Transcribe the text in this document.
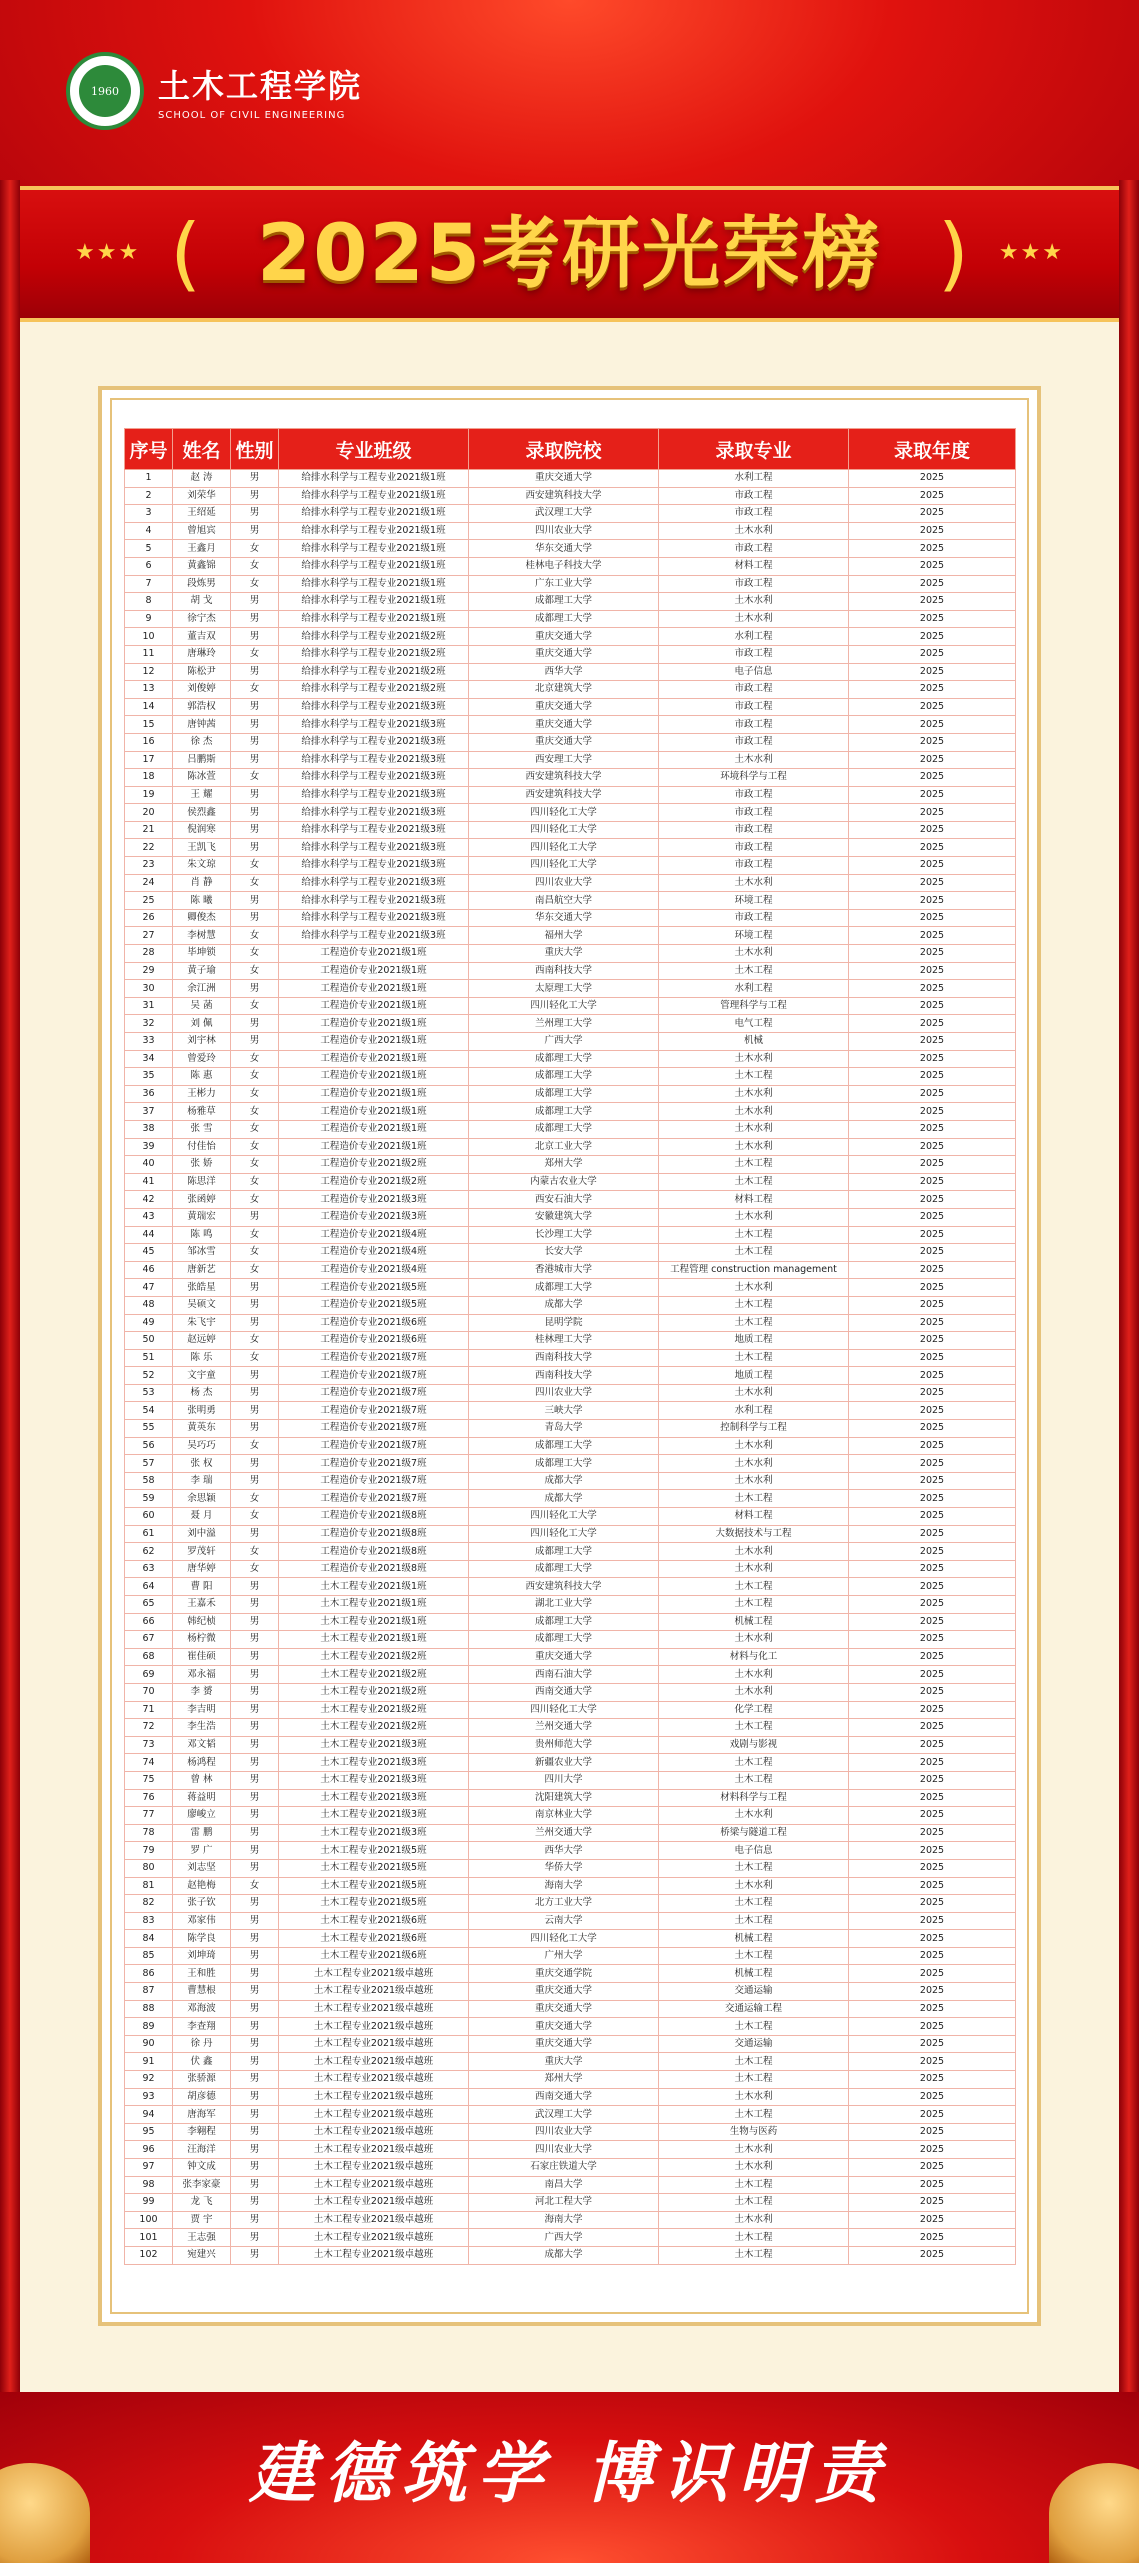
1960	土木工程学院
SCHOOL OF CIVIL ENGINEERING
★★★ ( 2025考研光荣榜 ) ★★★
序号	姓名	性别	专业班级	录取院校	录取专业	录取年度
1	赵 涛	男	给排水科学与工程专业2021级1班	重庆交通大学	水利工程	2025
2	刘荣华	男	给排水科学与工程专业2021级1班	西安建筑科技大学	市政工程	2025
3	王绍延	男	给排水科学与工程专业2021级1班	武汉理工大学	市政工程	2025
4	曾旭宾	男	给排水科学与工程专业2021级1班	四川农业大学	土木水利	2025
5	王鑫月	女	给排水科学与工程专业2021级1班	华东交通大学	市政工程	2025
6	黄鑫锦	女	给排水科学与工程专业2021级1班	桂林电子科技大学	材料工程	2025
7	段炼男	女	给排水科学与工程专业2021级1班	广东工业大学	市政工程	2025
8	胡 戈	男	给排水科学与工程专业2021级1班	成都理工大学	土木水利	2025
9	徐宁杰	男	给排水科学与工程专业2021级1班	成都理工大学	土木水利	2025
10	董吉双	男	给排水科学与工程专业2021级2班	重庆交通大学	水利工程	2025
11	唐琳玲	女	给排水科学与工程专业2021级2班	重庆交通大学	市政工程	2025
12	陈松尹	男	给排水科学与工程专业2021级2班	西华大学	电子信息	2025
13	刘俊婷	女	给排水科学与工程专业2021级2班	北京建筑大学	市政工程	2025
14	郭浩权	男	给排水科学与工程专业2021级3班	重庆交通大学	市政工程	2025
15	唐钟茜	男	给排水科学与工程专业2021级3班	重庆交通大学	市政工程	2025
16	徐 杰	男	给排水科学与工程专业2021级3班	重庆交通大学	市政工程	2025
17	吕鹏斯	男	给排水科学与工程专业2021级3班	西安理工大学	土木水利	2025
18	陈冰萱	女	给排水科学与工程专业2021级3班	西安建筑科技大学	环境科学与工程	2025
19	王 耀	男	给排水科学与工程专业2021级3班	西安建筑科技大学	市政工程	2025
20	侯烈鑫	男	给排水科学与工程专业2021级3班	四川轻化工大学	市政工程	2025
21	倪润寒	男	给排水科学与工程专业2021级3班	四川轻化工大学	市政工程	2025
22	王凯飞	男	给排水科学与工程专业2021级3班	四川轻化工大学	市政工程	2025
23	朱文琼	女	给排水科学与工程专业2021级3班	四川轻化工大学	市政工程	2025
24	肖 静	女	给排水科学与工程专业2021级3班	四川农业大学	土木水利	2025
25	陈 曦	男	给排水科学与工程专业2021级3班	南昌航空大学	环境工程	2025
26	卿俊杰	男	给排水科学与工程专业2021级3班	华东交通大学	市政工程	2025
27	李树慧	女	给排水科学与工程专业2021级3班	福州大学	环境工程	2025
28	毕坤锁	女	工程造价专业2021级1班	重庆大学	土木水利	2025
29	黄子瑜	女	工程造价专业2021级1班	西南科技大学	土木工程	2025
30	余江洲	男	工程造价专业2021级1班	太原理工大学	水利工程	2025
31	吴 菡	女	工程造价专业2021级1班	四川轻化工大学	管理科学与工程	2025
32	刘 佩	男	工程造价专业2021级1班	兰州理工大学	电气工程	2025
33	刘宇林	男	工程造价专业2021级1班	广西大学	机械	2025
34	曾爱玲	女	工程造价专业2021级1班	成都理工大学	土木水利	2025
35	陈 惠	女	工程造价专业2021级1班	成都理工大学	土木工程	2025
36	王彬力	女	工程造价专业2021级1班	成都理工大学	土木水利	2025
37	杨雅草	女	工程造价专业2021级1班	成都理工大学	土木水利	2025
38	张 雪	女	工程造价专业2021级1班	成都理工大学	土木水利	2025
39	付佳怡	女	工程造价专业2021级1班	北京工业大学	土木水利	2025
40	张 娇	女	工程造价专业2021级2班	郑州大学	土木工程	2025
41	陈思洋	女	工程造价专业2021级2班	内蒙古农业大学	土木工程	2025
42	张函婷	女	工程造价专业2021级3班	西安石油大学	材料工程	2025
43	黄瑞宏	男	工程造价专业2021级3班	安徽建筑大学	土木水利	2025
44	陈 鸣	女	工程造价专业2021级4班	长沙理工大学	土木工程	2025
45	邹冰雪	女	工程造价专业2021级4班	长安大学	土木工程	2025
46	唐新艺	女	工程造价专业2021级4班	香港城市大学	工程管理 construction management	2025
47	张皓星	男	工程造价专业2021级5班	成都理工大学	土木水利	2025
48	吴硕文	男	工程造价专业2021级5班	成都大学	土木工程	2025
49	朱飞宇	男	工程造价专业2021级6班	昆明学院	土木工程	2025
50	赵远婷	女	工程造价专业2021级6班	桂林理工大学	地质工程	2025
51	陈 乐	女	工程造价专业2021级7班	西南科技大学	土木工程	2025
52	文宇童	男	工程造价专业2021级7班	西南科技大学	地质工程	2025
53	杨 杰	男	工程造价专业2021级7班	四川农业大学	土木水利	2025
54	张明勇	男	工程造价专业2021级7班	三峡大学	水利工程	2025
55	黄英东	男	工程造价专业2021级7班	青岛大学	控制科学与工程	2025
56	吴巧巧	女	工程造价专业2021级7班	成都理工大学	土木水利	2025
57	张 权	男	工程造价专业2021级7班	成都理工大学	土木水利	2025
58	李 瑞	男	工程造价专业2021级7班	成都大学	土木水利	2025
59	余思颖	女	工程造价专业2021级7班	成都大学	土木工程	2025
60	聂 月	女	工程造价专业2021级8班	四川轻化工大学	材料工程	2025
61	刘中溢	男	工程造价专业2021级8班	四川轻化工大学	大数据技术与工程	2025
62	罗茂轩	女	工程造价专业2021级8班	成都理工大学	土木水利	2025
63	唐华婷	女	工程造价专业2021级8班	成都理工大学	土木水利	2025
64	曹 阳	男	土木工程专业2021级1班	西安建筑科技大学	土木工程	2025
65	王嘉禾	男	土木工程专业2021级1班	湖北工业大学	土木工程	2025
66	韩纪桢	男	土木工程专业2021级1班	成都理工大学	机械工程	2025
67	杨柠微	男	土木工程专业2021级1班	成都理工大学	土木水利	2025
68	崔佳硕	男	土木工程专业2021级2班	重庆交通大学	材料与化工	2025
69	邓永福	男	土木工程专业2021级2班	西南石油大学	土木水利	2025
70	李 赟	男	土木工程专业2021级2班	西南交通大学	土木水利	2025
71	李吉明	男	土木工程专业2021级2班	四川轻化工大学	化学工程	2025
72	李生浩	男	土木工程专业2021级2班	兰州交通大学	土木工程	2025
73	邓文韬	男	土木工程专业2021级3班	贵州师范大学	戏剧与影视	2025
74	杨鸿程	男	土木工程专业2021级3班	新疆农业大学	土木工程	2025
75	曾 林	男	土木工程专业2021级3班	四川大学	土木工程	2025
76	蒋益明	男	土木工程专业2021级3班	沈阳建筑大学	材料科学与工程	2025
77	廖峻立	男	土木工程专业2021级3班	南京林业大学	土木水利	2025
78	雷 鹏	男	土木工程专业2021级3班	兰州交通大学	桥梁与隧道工程	2025
79	罗 广	男	土木工程专业2021级5班	西华大学	电子信息	2025
80	刘志坚	男	土木工程专业2021级5班	华侨大学	土木工程	2025
81	赵艳梅	女	土木工程专业2021级5班	海南大学	土木水利	2025
82	张子钦	男	土木工程专业2021级5班	北方工业大学	土木工程	2025
83	邓家伟	男	土木工程专业2021级6班	云南大学	土木工程	2025
84	陈学良	男	土木工程专业2021级6班	四川轻化工大学	机械工程	2025
85	刘坤琦	男	土木工程专业2021级6班	广州大学	土木工程	2025
86	王和胜	男	土木工程专业2021级卓越班	重庆交通学院	机械工程	2025
87	曹慧根	男	土木工程专业2021级卓越班	重庆交通大学	交通运输	2025
88	邓海波	男	土木工程专业2021级卓越班	重庆交通大学	交通运输工程	2025
89	李查翔	男	土木工程专业2021级卓越班	重庆交通大学	土木工程	2025
90	徐 丹	男	土木工程专业2021级卓越班	重庆交通大学	交通运输	2025
91	伏 鑫	男	土木工程专业2021级卓越班	重庆大学	土木工程	2025
92	张骄源	男	土木工程专业2021级卓越班	郑州大学	土木工程	2025
93	胡彦德	男	土木工程专业2021级卓越班	西南交通大学	土木水利	2025
94	唐海军	男	土木工程专业2021级卓越班	武汉理工大学	土木工程	2025
95	李翱程	男	土木工程专业2021级卓越班	四川农业大学	生物与医药	2025
96	汪海洋	男	土木工程专业2021级卓越班	四川农业大学	土木水利	2025
97	钟文成	男	土木工程专业2021级卓越班	石家庄铁道大学	土木水利	2025
98	张李家豪	男	土木工程专业2021级卓越班	南昌大学	土木工程	2025
99	龙 飞	男	土木工程专业2021级卓越班	河北工程大学	土木工程	2025
100	贾 宇	男	土木工程专业2021级卓越班	海南大学	土木水利	2025
101	王志强	男	土木工程专业2021级卓越班	广西大学	土木工程	2025
102	宛建兴	男	土木工程专业2021级卓越班	成都大学	土木工程	2025
建德筑学 博识明责
